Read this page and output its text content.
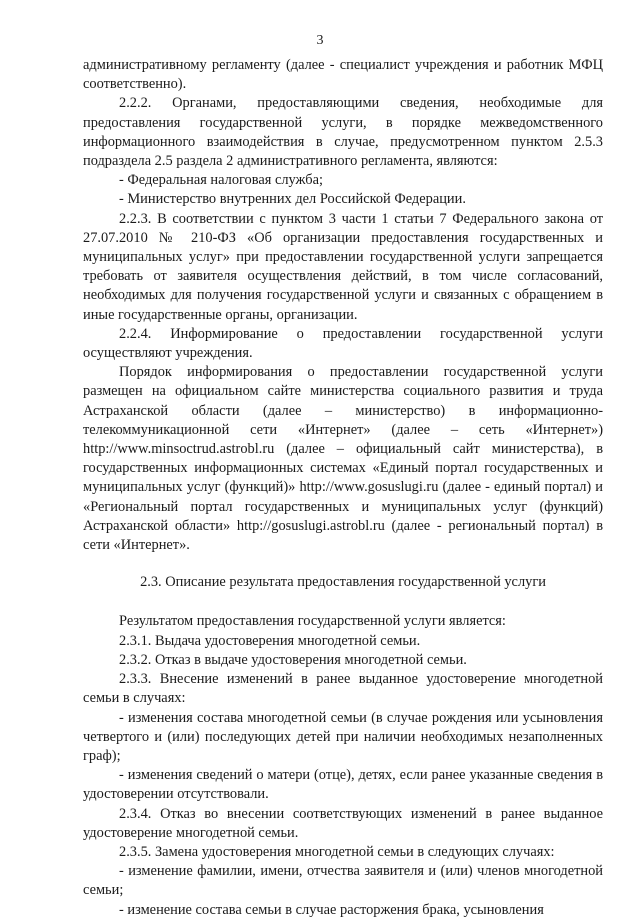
3

административному регламенту (далее - специалист учреждения и работник МФЦ соответственно).

2.2.2. Органами, предоставляющими сведения, необходимые для предоставления государственной услуги, в порядке межведомственного информационного взаимодействия в случае, предусмотренном пунктом 2.5.3 подраздела 2.5 раздела 2 административного регламента, являются:

- Федеральная налоговая служба;

- Министерство внутренних дел Российской Федерации.

2.2.3. В соответствии с пунктом 3 части 1 статьи 7 Федерального закона от 27.07.2010 № 210-ФЗ «Об организации предоставления государственных и муниципальных услуг» при предоставлении государственной услуги запрещается требовать от заявителя осуществления действий, в том числе согласований, необходимых для получения государственной услуги и связанных с обращением в иные государственные органы, организации.

2.2.4. Информирование о предоставлении государственной услуги осуществляют учреждения.

Порядок информирования о предоставлении государственной услуги размещен на официальном сайте министерства социального развития и труда Астраханской области (далее – министерство) в информационно-телекоммуникационной сети «Интернет» (далее – сеть «Интернет») http://www.minsoctrud.astrobl.ru (далее – официальный сайт министерства), в государственных информационных системах «Единый портал государственных и муниципальных услуг (функций)» http://www.gosuslugi.ru (далее - единый портал) и «Региональный портал государственных и муниципальных услуг (функций) Астраханской области» http://gosuslugi.astrobl.ru (далее - региональный портал) в сети «Интернет».

2.3. Описание результата предоставления государственной услуги

Результатом предоставления государственной услуги является:

2.3.1. Выдача удостоверения многодетной семьи.

2.3.2. Отказ в выдаче удостоверения многодетной семьи.

2.3.3. Внесение изменений в ранее выданное удостоверение многодетной семьи в случаях:

- изменения состава многодетной семьи (в случае рождения или усыновления четвертого и (или) последующих детей при наличии необходимых незаполненных граф);

- изменения сведений о матери (отце), детях, если ранее указанные сведения в удостоверении отсутствовали.

2.3.4. Отказ во внесении соответствующих изменений в ранее выданное удостоверение многодетной семьи.

2.3.5. Замена удостоверения многодетной семьи в следующих случаях:

- изменение фамилии, имени, отчества заявителя и (или) членов многодетной семьи;

- изменение состава семьи в случае расторжения брака, усыновления
